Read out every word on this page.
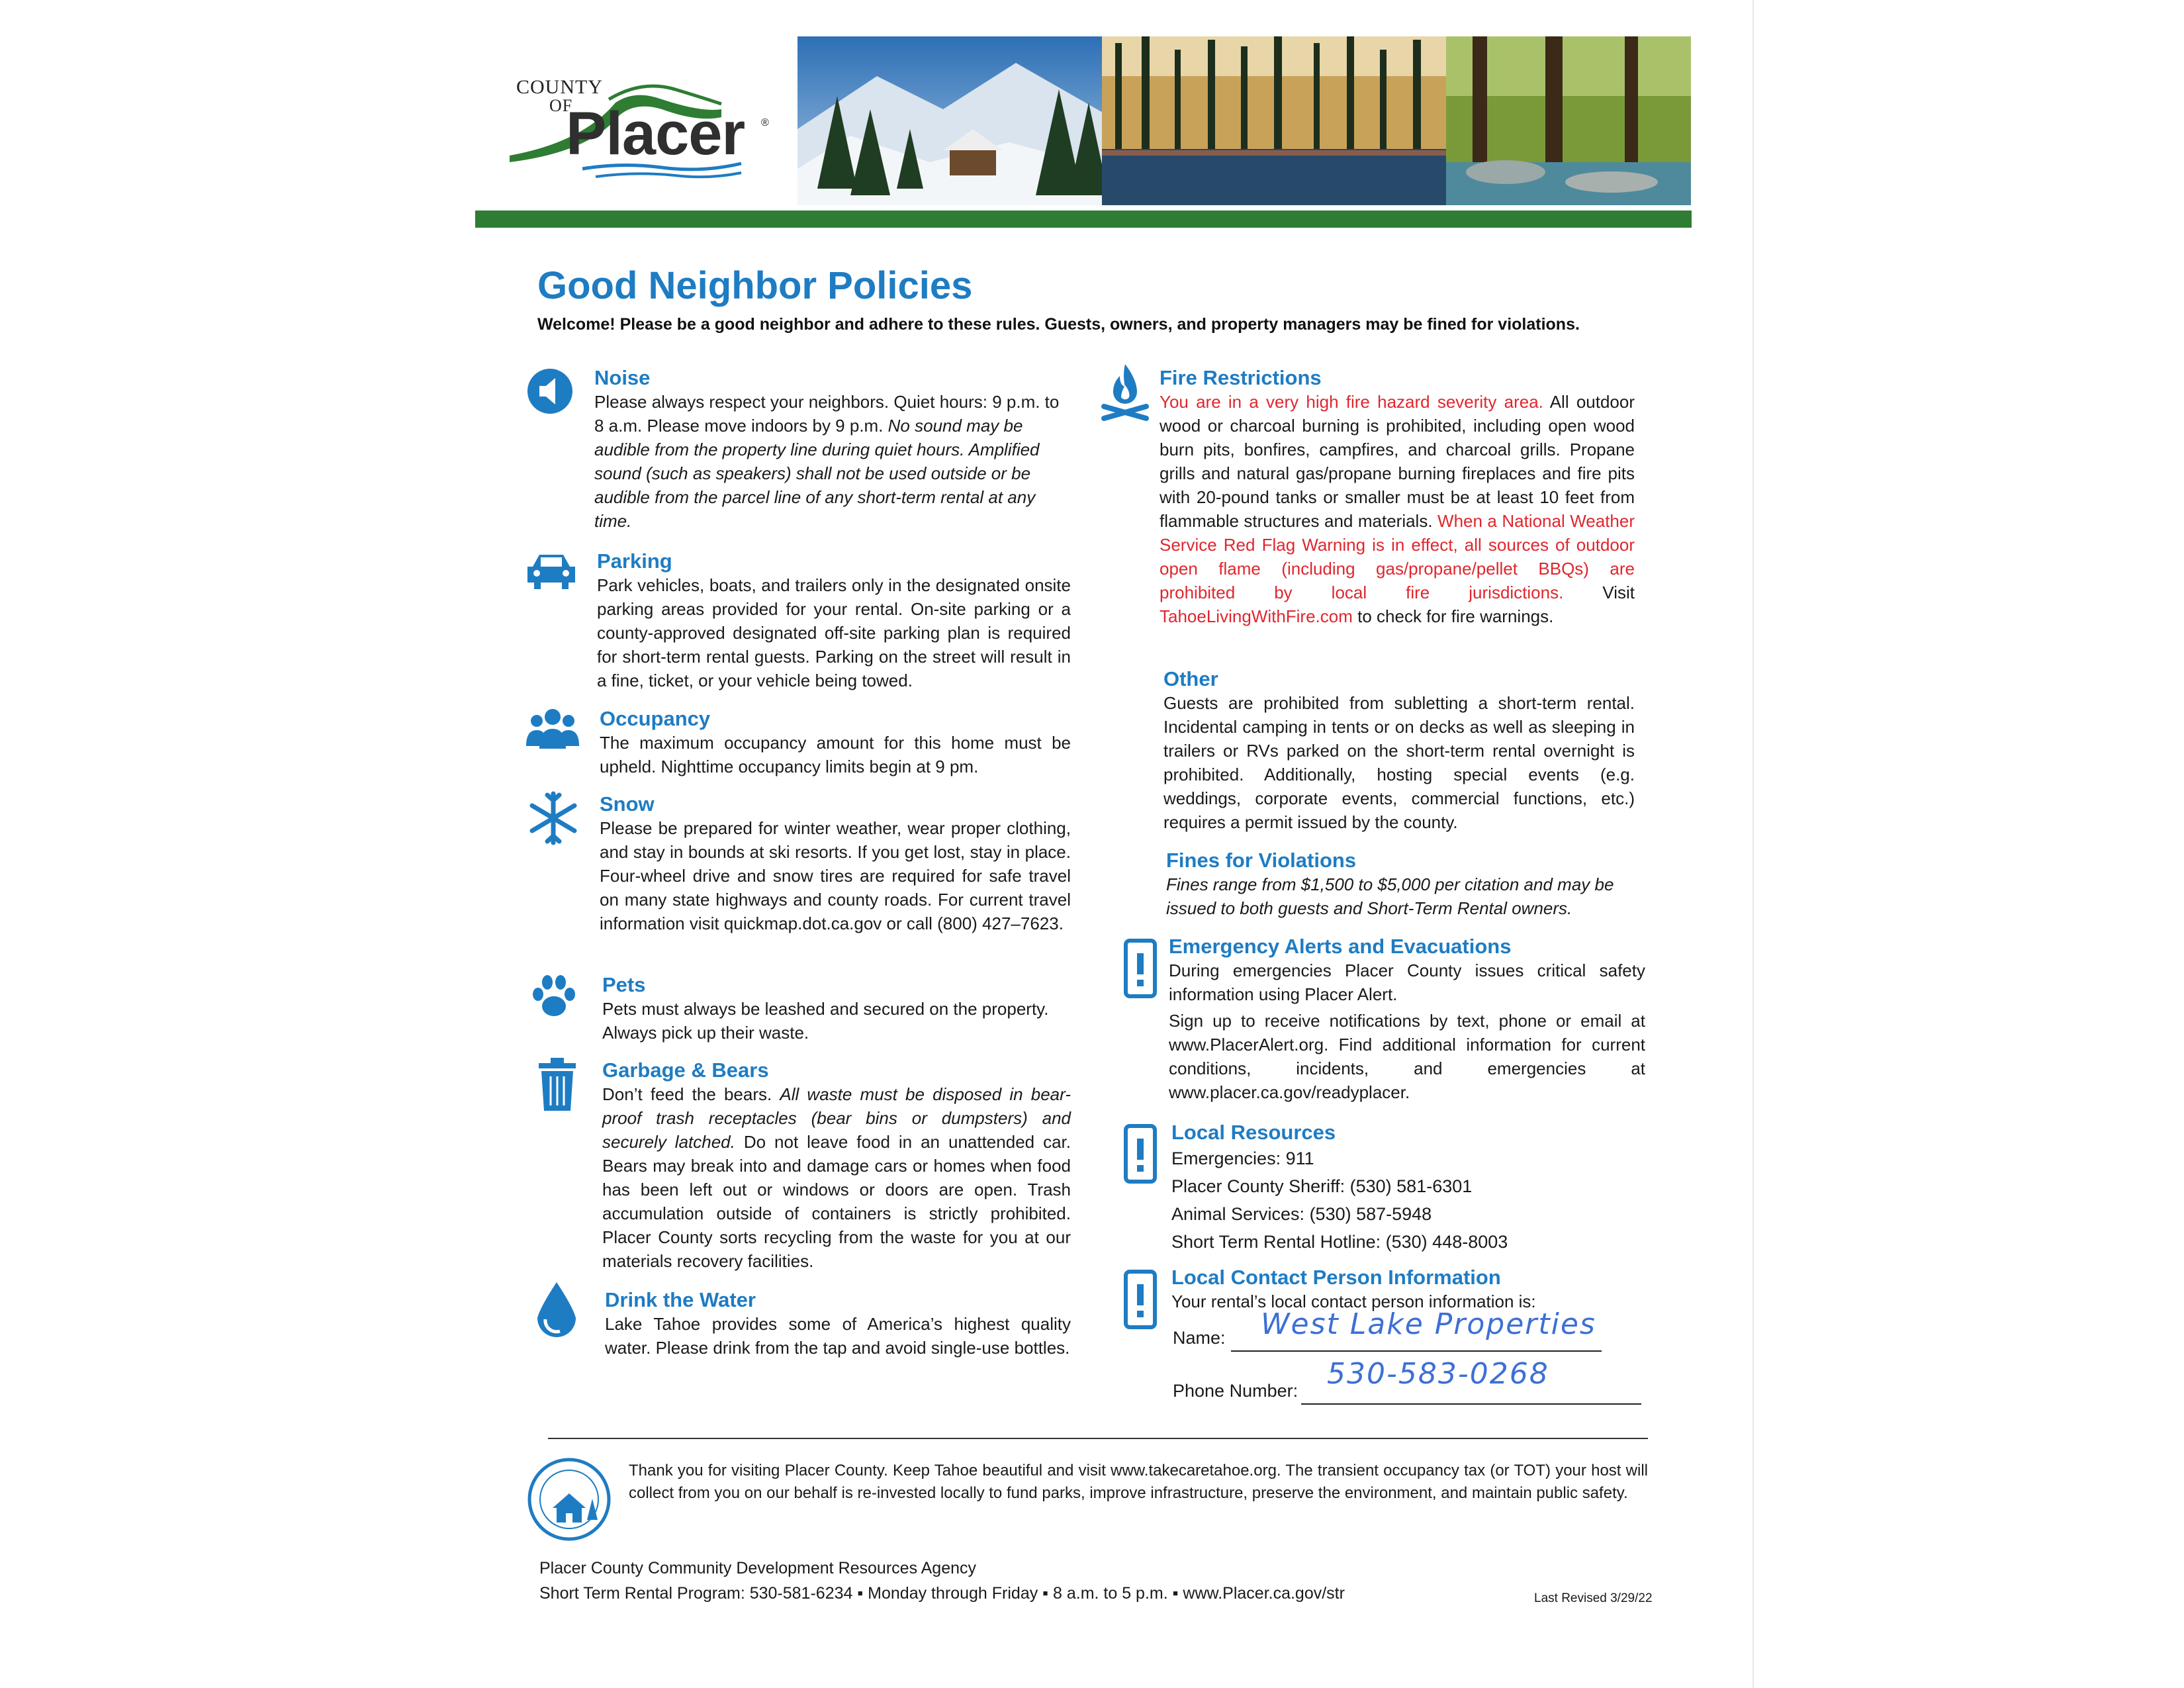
COUNTY
OF
Placer ®
Good Neighbor Policies
Welcome! Please be a good neighbor and adhere to these rules. Guests, owners, and property managers may be fined for violations.
Noise
Please always respect your neighbors. Quiet hours: 9 p.m. to 8 a.m. Please move indoors by 9 p.m. No sound may be audible from the property line during quiet hours. Amplified sound (such as speakers) shall not be used outside or be audible from the parcel line of any short-term rental at any time.
Parking
Park vehicles, boats, and trailers only in the designated onsite parking areas provided for your rental. On-site parking or a county-approved designated off-site parking plan is required for short-term rental guests. Parking on the street will result in a fine, ticket, or your vehicle being towed.
Occupancy
The maximum occupancy amount for this home must be upheld. Nighttime occupancy limits begin at 9 pm.
Snow
Please be prepared for winter weather, wear proper clothing, and stay in bounds at ski resorts. If you get lost, stay in place. Four-wheel drive and snow tires are required for safe travel on many state highways and county roads. For current travel information visit quickmap.dot.ca.gov or call (800) 427–7623.
Pets
Pets must always be leashed and secured on the property. Always pick up their waste.
Garbage & Bears
Don’t feed the bears. All waste must be disposed in bear-proof trash receptacles (bear bins or dumpsters) and securely latched. Do not leave food in an unattended car. Bears may break into and damage cars or homes when food has been left out or windows or doors are open. Trash accumulation outside of containers is strictly prohibited. Placer County sorts recycling from the waste for you at our materials recovery facilities.
Drink the Water
Lake Tahoe provides some of America’s highest quality water. Please drink from the tap and avoid single-use bottles.
Fire Restrictions
You are in a very high fire hazard severity area. All outdoor wood or charcoal burning is prohibited, including open wood burn pits, bonfires, campfires, and charcoal grills. Propane grills and natural gas/propane burning fireplaces and fire pits with 20-pound tanks or smaller must be at least 10 feet from flammable structures and materials. When a National Weather Service Red Flag Warning is in effect, all sources of outdoor open flame (including gas/propane/pellet BBQs) are prohibited by local fire jurisdictions. Visit TahoeLivingWithFire.com to check for fire warnings.
Other
Guests are prohibited from subletting a short-term rental. Incidental camping in tents or on decks as well as sleeping in trailers or RVs parked on the short-term rental overnight is prohibited. Additionally, hosting special events (e.g. weddings, corporate events, commercial functions, etc.) requires a permit issued by the county.
Fines for Violations
Fines range from $1,500 to $5,000 per citation and may be issued to both guests and Short-Term Rental owners.
Emergency Alerts and Evacuations
During emergencies Placer County issues critical safety information using Placer Alert.
Sign up to receive notifications by text, phone or email at www.PlacerAlert.org. Find additional information for current conditions, incidents, and emergencies at www.placer.ca.gov/readyplacer.
Local Resources
Emergencies: 911
Placer County Sheriff: (530) 581-6301
Animal Services: (530) 587-5948
Short Term Rental Hotline: (530) 448-8003
Local Contact Person Information
Your rental’s local contact person information is:
Name: West Lake Properties
Phone Number: 530-583-0268
Thank you for visiting Placer County. Keep Tahoe beautiful and visit www.takecaretahoe.org. The transient occupancy tax (or TOT) your host will collect from you on our behalf is re-invested locally to fund parks, improve infrastructure, preserve the environment, and maintain public safety.
Placer County Community Development Resources Agency
Short Term Rental Program: 530-581-6234 ▪ Monday through Friday ▪ 8 a.m. to 5 p.m. ▪ www.Placer.ca.gov/str	Last Revised 3/29/22
